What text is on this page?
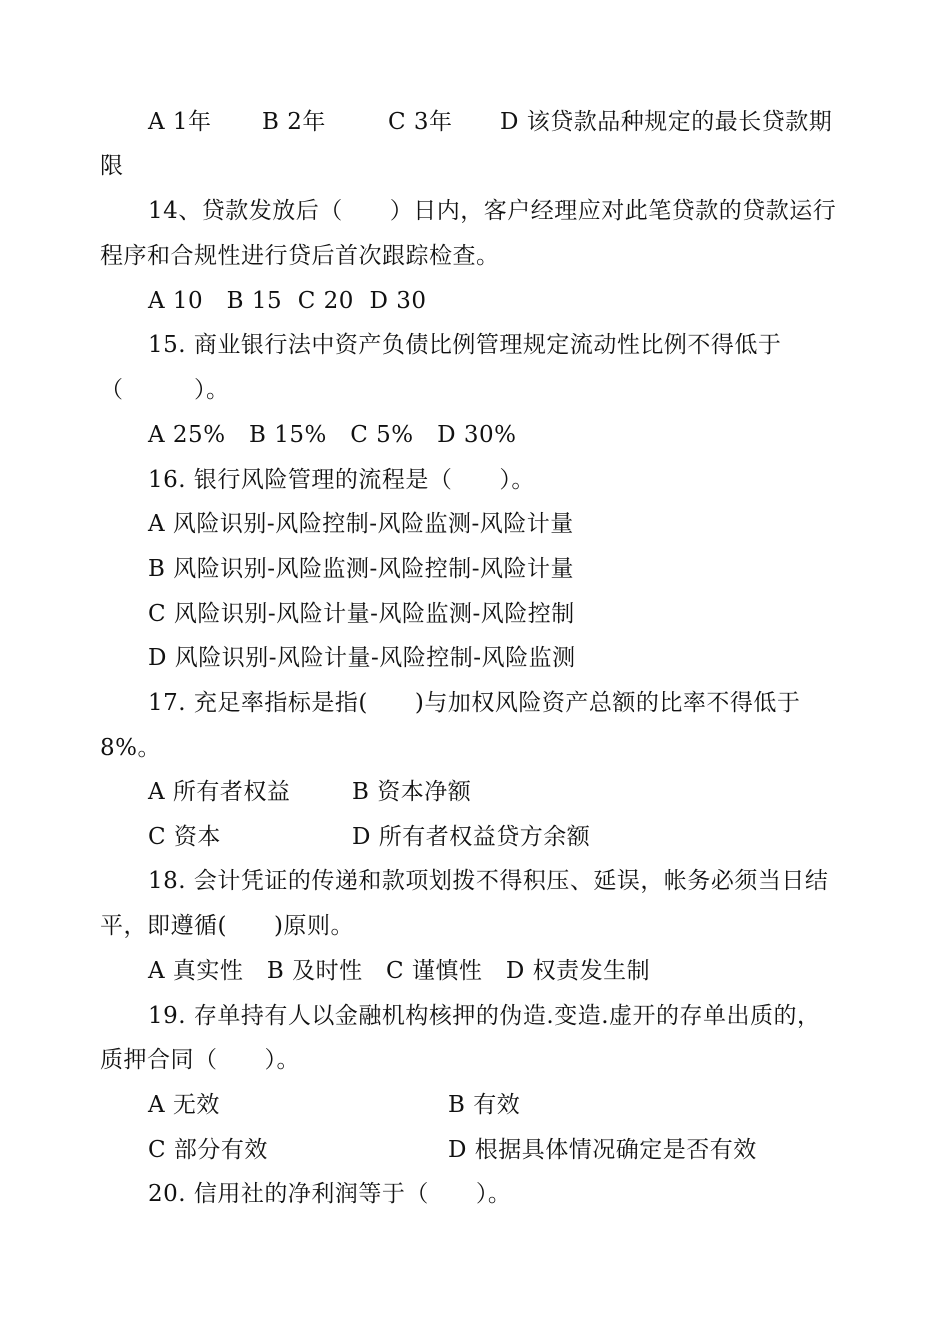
A 1年 B 2年	C 3年 D 该贷款品种规定的最长贷款期
限
14、贷款发放后（　　）日内，客户经理应对此笔贷款的贷款运行
程序和合规性进行贷后首次跟踪检查。
A 10   B 15  C 20  D 30
15. 商业银行法中资产负债比例管理规定流动性比例不得低于
（　　　）。
A 25%   B 15%   C 5%   D 30%
16. 银行风险管理的流程是（　　）。
A 风险识别-风险控制-风险监测-风险计量
B 风险识别-风险监测-风险控制-风险计量
C 风险识别-风险计量-风险监测-风险控制
D 风险识别-风险计量-风险控制-风险监测
17. 充足率指标是指(　　)与加权风险资产总额的比率不得低于
8%。
A 所有者权益	B 资本净额
C 资本	D 所有者权益贷方余额
18. 会计凭证的传递和款项划拨不得积压、延误，帐务必须当日结
平，即遵循(　　)原则。
A 真实性   B 及时性   C 谨慎性   D 权责发生制
19. 存单持有人以金融机构核押的伪造.变造.虚开的存单出质的，
质押合同（　　）。
A 无效	B 有效
C 部分有效	D 根据具体情况确定是否有效
20. 信用社的净利润等于（　　）。
